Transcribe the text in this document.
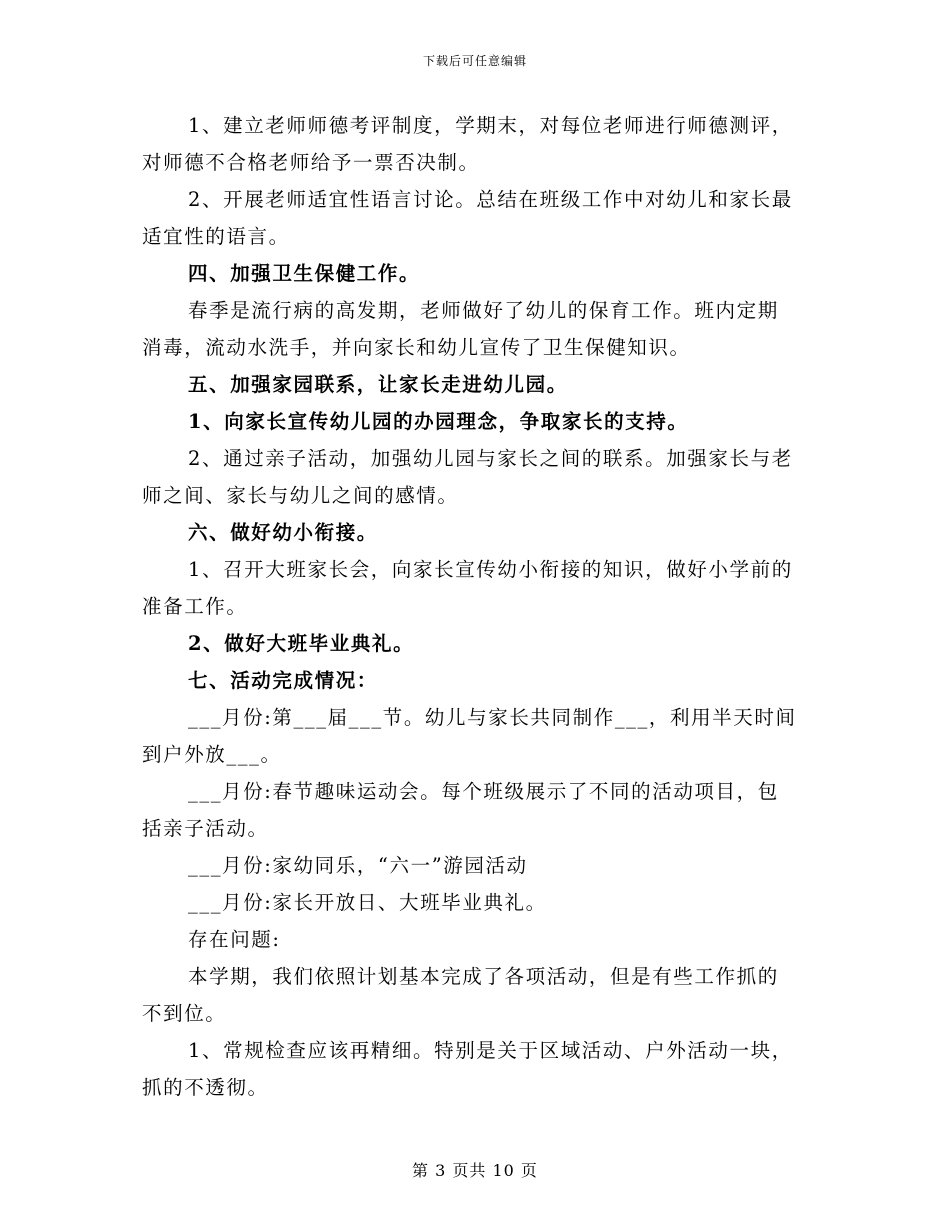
下载后可任意编辑
1、建立老师师德考评制度，学期末，对每位老师进行师德测评，
对师德不合格老师给予一票否决制。
2、开展老师适宜性语言讨论。总结在班级工作中对幼儿和家长最
适宜性的语言。
四、加强卫生保健工作。
春季是流行病的高发期，老师做好了幼儿的保育工作。班内定期
消毒，流动水洗手，并向家长和幼儿宣传了卫生保健知识。
五、加强家园联系，让家长走进幼儿园。
1、向家长宣传幼儿园的办园理念，争取家长的支持。
2、通过亲子活动，加强幼儿园与家长之间的联系。加强家长与老
师之间、家长与幼儿之间的感情。
六、做好幼小衔接。
1、召开大班家长会，向家长宣传幼小衔接的知识，做好小学前的
准备工作。
2、做好大班毕业典礼。
七、活动完成情况：
___月份:第___届___节。幼儿与家长共同制作___，利用半天时间
到户外放___。
___月份:春节趣味运动会。每个班级展示了不同的活动项目，包
括亲子活动。
___月份:家幼同乐，“六一”游园活动
___月份:家长开放日、大班毕业典礼。
存在问题:
本学期，我们依照计划基本完成了各项活动，但是有些工作抓的
不到位。
1、常规检查应该再精细。特别是关于区域活动、户外活动一块，
抓的不透彻。
第 3 页共 10 页
